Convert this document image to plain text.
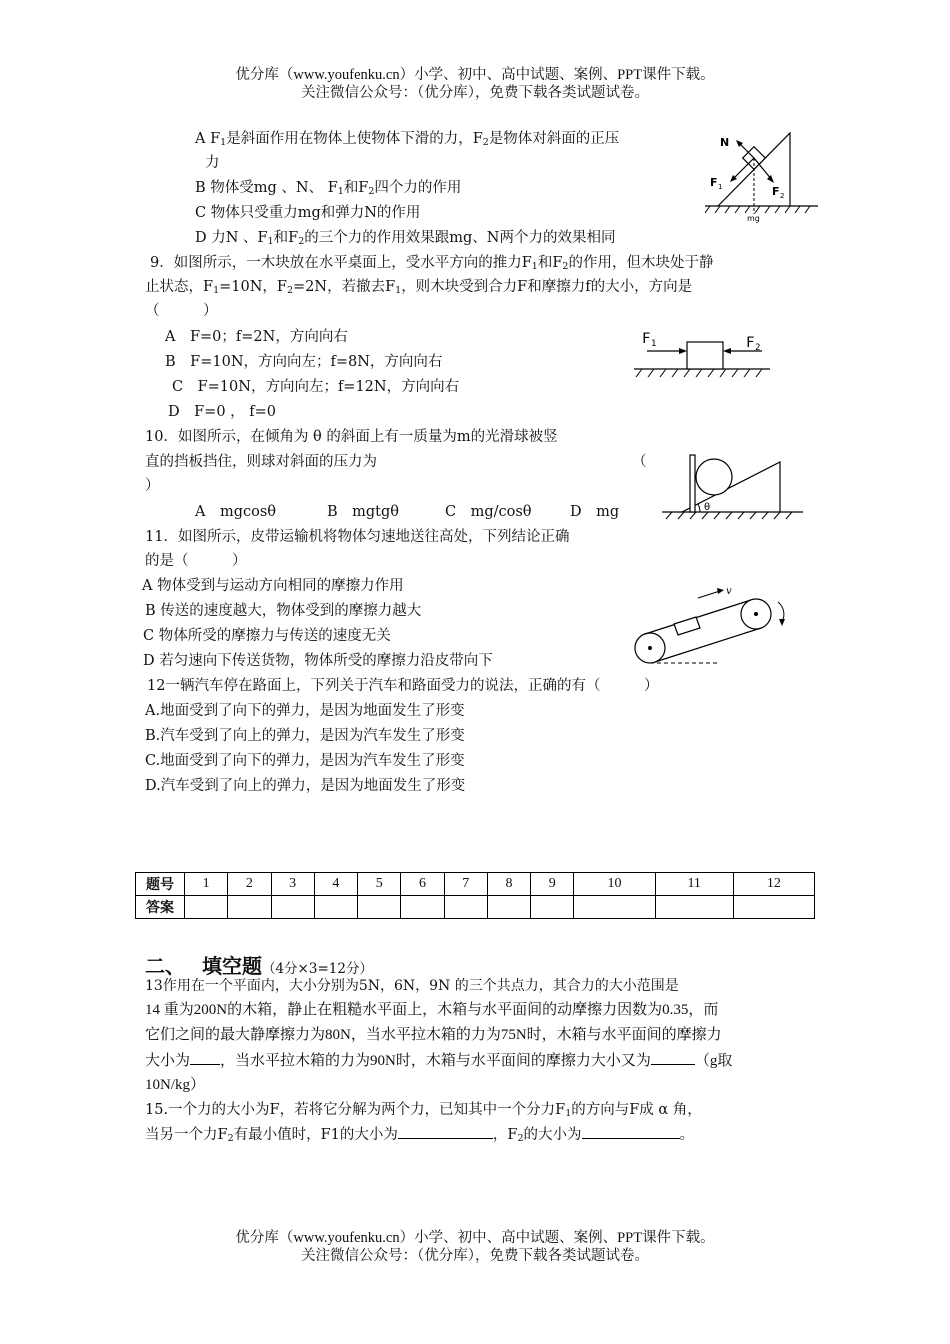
优分库（www.youfenku.cn）小学、初中、高中试题、案例、PPT课件下载。
关注微信公众号：（优分库），免费下载各类试题试卷。
A $F_1$是斜面作用在物体上使物体下滑的力，$F_2$是物体对斜面的正压
力
B 物体受mg 、N、 $F_1$和$F_2$四个力的作用
C 物体只受重力mg和弹力N的作用
D 力N 、$F_1$和$F_2$的三个力的作用效果跟mg、N两个力的效果相同
N
F 1	F 2
mg
9．如图所示，一木块放在水平桌面上，受水平方向的推力$F_1$和$F_2$的作用，但木块处于静
止状态，$F_1=10N$，$F_2=2N$，若撤去$F_1$，则木块受到合力F和摩擦力f的大小，方向是
（　　　）
A　F=0；f=2N，方向向右
B　F=10N，方向向左；f=8N，方向向右
C　F=10N，方向向左；f=12N，方向向右
D　F=0 ， f=0
F 1	F 2
10．如图所示，在倾角为 θ 的斜面上有一质量为m的光滑球被竖
直的挡板挡住，则球对斜面的压力为	（
）
A　mgcosθ	B　mgtgθ	C　mg/cosθ	D　mg	θ
11．如图所示，皮带运输机将物体匀速地送往高处，下列结论正确
的是（　　　）
A 物体受到与运动方向相同的摩擦力作用
B 传送的速度越大，物体受到的摩擦力越大
C 物体所受的摩擦力与传送的速度无关
D 若匀速向下传送货物，物体所受的摩擦力沿皮带向下
v
12一辆汽车停在路面上，下列关于汽车和路面受力的说法，正确的有（　　　）
A.地面受到了向下的弹力，是因为地面发生了形变
B.汽车受到了向上的弹力，是因为汽车发生了形变
C.地面受到了向下的弹力，是因为汽车发生了形变
D.汽车受到了向上的弹力，是因为地面发生了形变
题号	1	2	3	4	5	6	7	8	9	10	11	12
答案												
二、　 填空题（4分×3=12分）
13作用在一个平面内，大小分别为5N，6N，9N 的三个共点力，其合力的大小范围是
14 重为200N的木箱，静止在粗糙水平面上，木箱与水平面间的动摩擦力因数为0.35，而
它们之间的最大静摩擦力为80N，当水平拉木箱的力为75N时，木箱与水平面间的摩擦力
大小为 ，当水平拉木箱的力为90N时，木箱与水平面间的摩擦力大小又为	（g取
10N/kg）
15.一个力的大小为F，若将它分解为两个力，已知其中一个分力$F_1$的方向与F成 α 角，
当另一个力$F_2$有最小值时，F1的大小为	，$F_2$的大小为	。
优分库（www.youfenku.cn）小学、初中、高中试题、案例、PPT课件下载。
关注微信公众号：（优分库），免费下载各类试题试卷。
